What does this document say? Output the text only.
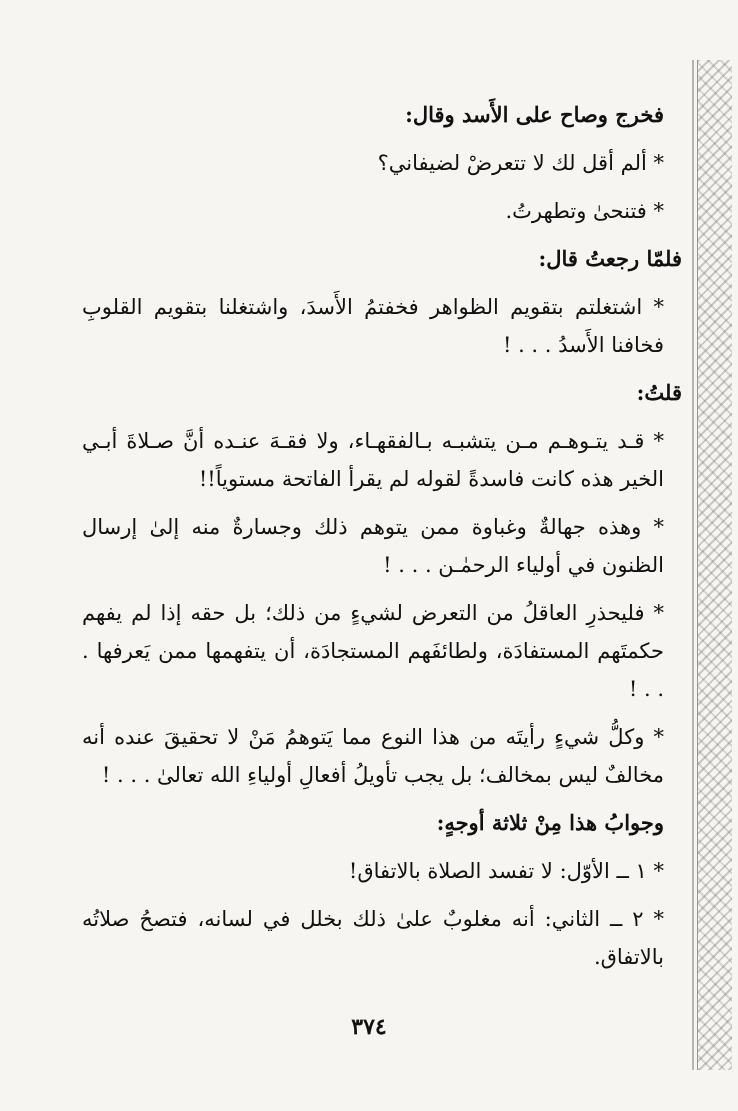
فخرج وصاح على الأَسد وقال:

* ألم أقل لك لا تتعرضْ لضيفاني؟

* فتنحىٰ وتطهرتُ.

فلمّا رجعتُ قال:

* اشتغلتم بتقويم الظواهر فخفتمُ الأَسدَ، واشتغلنا بتقويم القلوبِ فخافنا الأَسدُ . . . !

قلتُ:

* قـد يتـوهـم مـن يتشبـه بـالفقهـاء، ولا فقـهَ عنـده أنَّ صـلاةَ أبـي الخير هذه كانت فاسدةً لقوله لم يقرأ الفاتحة مستوياً!!

* وهذه جهالةٌ وغباوة ممن يتوهم ذلك وجسارةٌ منه إلىٰ إرسال الظنون في أولياء الرحمٰـن . . . !

* فليحذرِ العاقلُ من التعرض لشيءٍ من ذلك؛ بل حقه إذا لم يفهم حكمتَهم المستفادَة، ولطائفَهم المستجادَة، أن يتفهمها ممن يَعرفها . . . !

* وكلُّ شيءٍ رأيتَه من هذا النوع مما يَتوهمُ مَنْ لا تحقيقَ عنده أنه مخالفٌ ليس بمخالف؛ بل يجب تأويلُ أفعالِ أولياءِ الله تعالىٰ . . . !

وجوابُ هذا مِنْ ثلاثة أوجهٍ:

* ١ ــ الأوّل: لا تفسد الصلاة بالاتفاق!

* ٢ ــ الثاني: أنه مغلوبٌ علىٰ ذلك بخلل في لسانه، فتصحُ صلاتُه بالاتفاق.

٣٧٤
